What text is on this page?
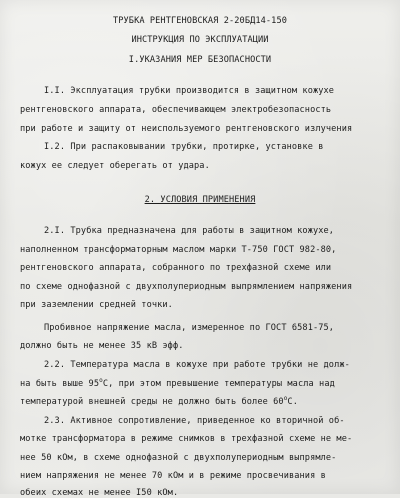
ТРУБКА РЕНТГЕНОВСКАЯ 2-20БД14-150
ИНСТРУКЦИЯ ПО ЭКСПЛУАТАЦИИ
I.УКАЗАНИЯ МЕР БЕЗОПАСНОСТИ
I.I. Эксплуатация трубки производится в защитном кожухе
рентгеновского аппарата, обеспечивающем электробезопасность
при работе и защиту от неиспользуемого рентгеновского излучения
I.2. При распаковывании трубки, протирке, установке в
кожух ее следует оберегать от удара.
2. УСЛОВИЯ ПРИМЕНЕНИЯ
2.I. Трубка предназначена для работы в защитном кожухе,
наполненном трансформаторным маслом марки Т-750 ГОСТ 982-80,
рентгеновского аппарата, собранного по трехфазной схеме или
по схеме однофазной с двухполупериодным выпрямлением напряжения
при заземлении средней точки.
Пробивное напряжение масла, измеренное по ГОСТ 6581-75,
должно быть не менее 35 кВ эфф.
2.2. Температура масла в кожухе при работе трубки не долж-
на быть выше 95$^o$С, при этом превышение температуры масла над
температурой внешней среды не должно быть более 60$^o$С.
2.3. Активное сопротивление, приведенное ко вторичной об-
мотке трансформатора в режиме снимков в трехфазной схеме не ме-
нее 50 кОм, в схеме однофазной с двухполупериодным выпрямле-
нием напряжения не менее 70 кОм и в режиме просвечивания в
обеих схемах не менее I50 кОм.
